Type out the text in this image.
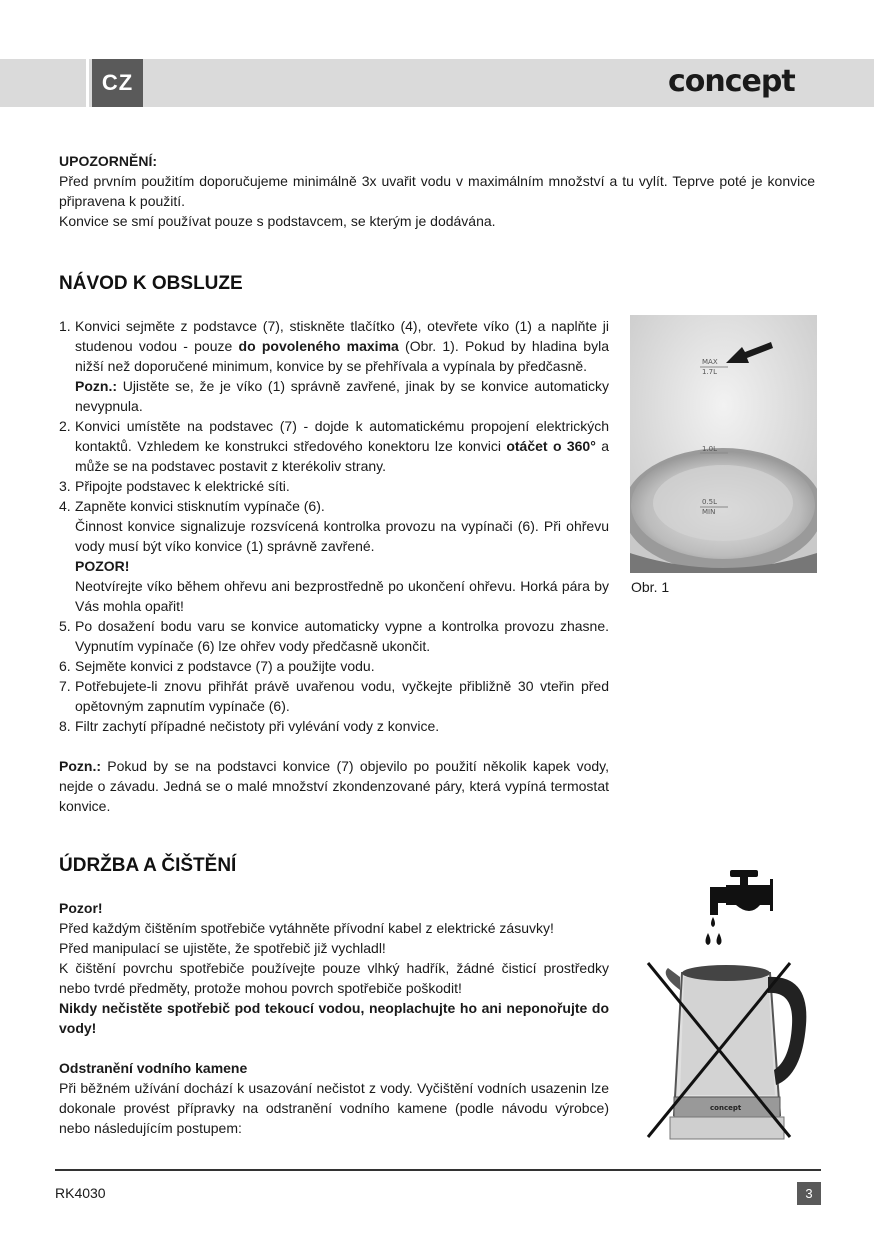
CZ	concept

UPOZORNĚNÍ:

Před prvním použitím doporučujeme minimálně 3x uvařit vodu v maximálním množství a tu vylít. Teprve poté je konvice připravena k použití.

Konvice se smí používat pouze s podstavcem, se kterým je dodávána.

NÁVOD K OBSLUZE
1. Konvici sejměte z podstavce (7), stiskněte tlačítko (4), otevřete víko (1) a naplňte ji studenou vodou - pouze do povoleného maxima (Obr. 1). Pokud by hladina byla nižší než doporučené minimum, konvice by se přehřívala a vypínala by předčasně.

Pozn.: Ujistěte se, že je víko (1) správně zavřené, jinak by se konvice automaticky nevypnula.

2. Konvici umístěte na podstavec (7) - dojde k automatickému propojení elektrických kontaktů. Vzhledem ke konstrukci středového konektoru lze konvici otáčet o 360° a může se na podstavec postavit z kterékoliv strany.

3. Připojte podstavec k elektrické síti.

4. Zapněte konvici stisknutím vypínače (6).

Činnost konvice signalizuje rozsvícená kontrolka provozu na vypínači (6). Při ohřevu vody musí být víko konvice (1) správně zavřené.

POZOR!

Neotvírejte víko během ohřevu ani bezprostředně po ukončení ohřevu. Horká pára by Vás mohla opařit!

5. Po dosažení bodu varu se konvice automaticky vypne a kontrolka provozu zhasne. Vypnutím vypínače (6) lze ohřev vody předčasně ukončit.

6. Sejměte konvici z podstavce (7) a použijte vodu.

7. Potřebujete-li znovu přihřát právě uvařenou vodu, vyčkejte přibližně 30 vteřin před opětovným zapnutím vypínače (6).

8. Filtr zachytí případné nečistoty při vylévání vody z konvice.

Pozn.: Pokud by se na podstavci konvice (7) objevilo po použití několik kapek vody, nejde o závadu. Jedná se o malé množství zkondenzované páry, která vypíná termostat konvice.
MAX
1.7L
1.0L
0.5L
MIN
Obr. 1
ÚDRŽBA A ČIŠTĚNÍ

Pozor!

Před každým čištěním spotřebiče vytáhněte přívodní kabel z elektrické zásuvky!

Před manipulací se ujistěte, že spotřebič již vychladl!

K čištění povrchu spotřebiče používejte pouze vlhký hadřík, žádné čisticí prostředky nebo tvrdé předměty, protože mohou povrch spotřebiče poškodit!

Nikdy nečistěte spotřebič pod tekoucí vodou, neoplachujte ho ani neponořujte do vody!

Odstranění vodního kamene

Při běžném užívání dochází k usazování nečistot z vody. Vyčištění vodních usazenin lze dokonale provést přípravky na odstranění vodního kamene (podle návodu výrobce) nebo následujícím postupem:

concept
RK4030	3
